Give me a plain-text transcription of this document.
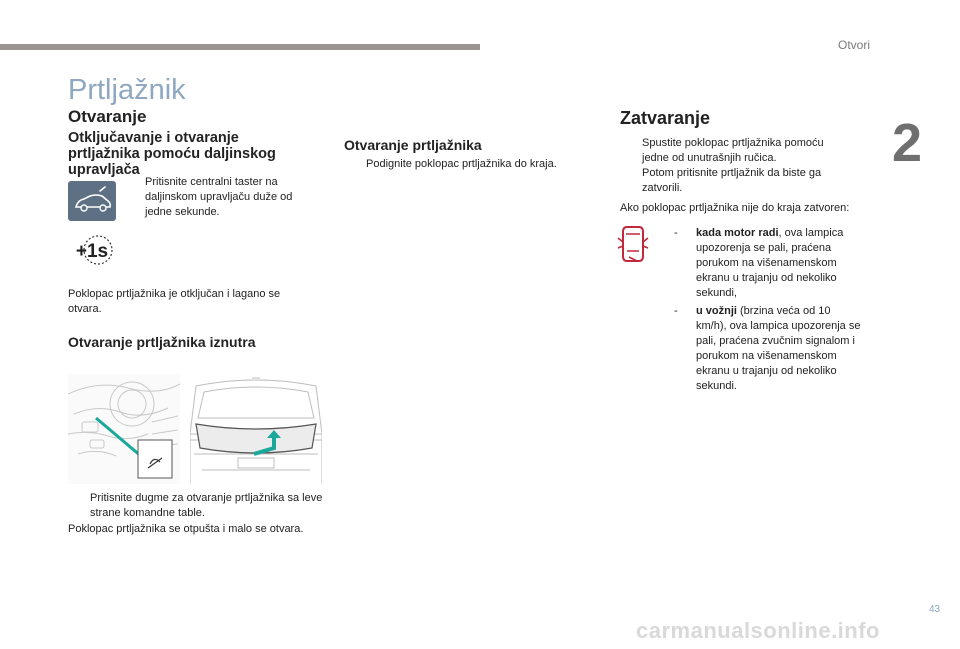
Otvori
2
Prtljažnik
Otvaranje
Otključavanje i otvaranje prtljažnika pomoću daljinskog upravljača
Pritisnite centralni taster na daljinskom upravljaču duže od jedne sekunde.
+1s
Poklopac prtljažnika je otključan i lagano se otvara.
Otvaranje prtljažnika iznutra
Pritisnite dugme za otvaranje prtljažnika sa leve strane komandne table.
Poklopac prtljažnika se otpušta i malo se otvara.
Otvaranje prtljažnika
Podignite poklopac prtljažnika do kraja.
Zatvaranje
Spustite poklopac prtljažnika pomoću jedne od unutrašnjih ručica.
Potom pritisnite prtljažnik da biste ga zatvorili.
Ako poklopac prtljažnika nije do kraja zatvoren:
- kada motor radi, ova lampica upozorenja se pali, praćena porukom na višenamenskom ekranu u trajanju od nekoliko sekundi,
- u vožnji (brzina veća od 10 km/h), ova lampica upozorenja se pali, praćena zvučnim signalom i porukom na višenamenskom ekranu u trajanju od nekoliko sekundi.
43
carmanualsonline.info
